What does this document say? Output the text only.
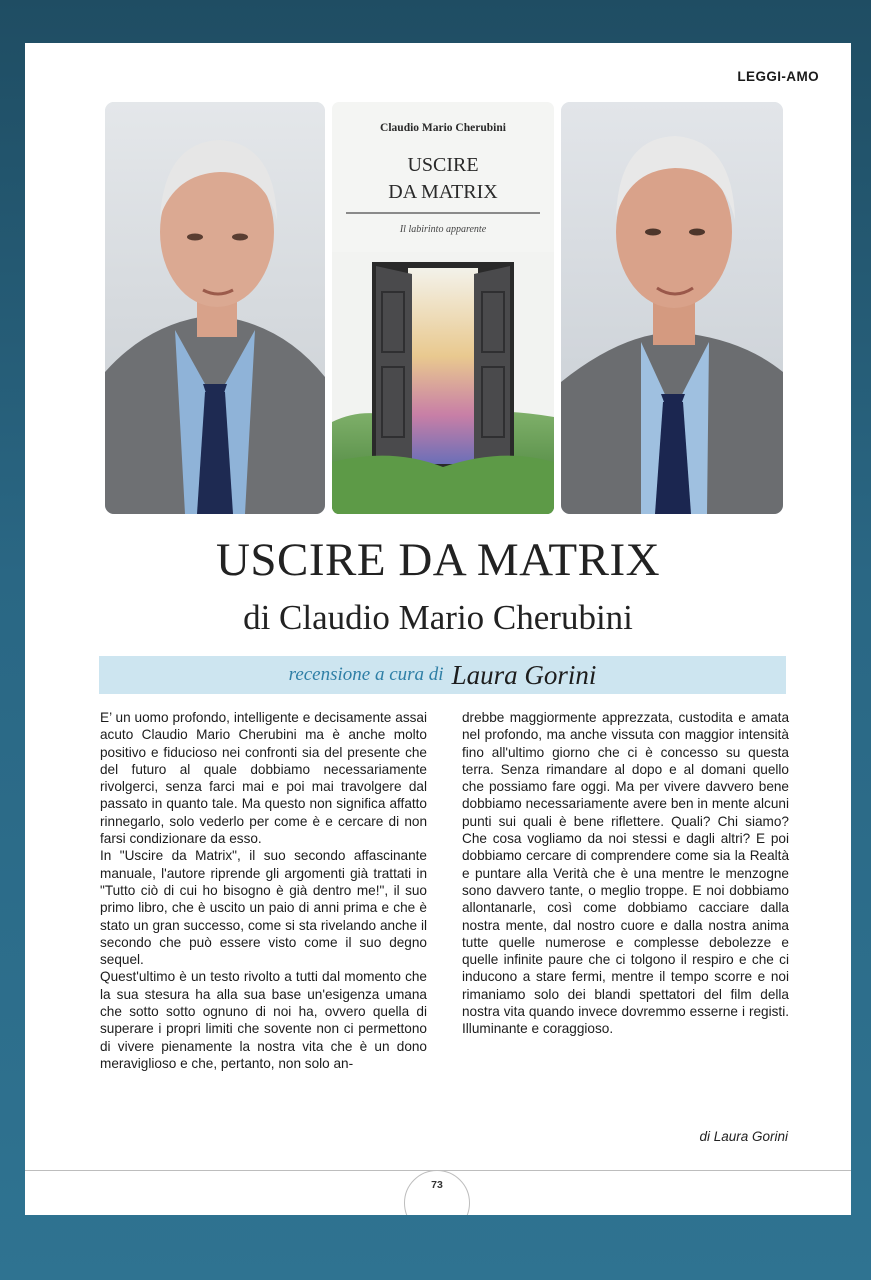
LEGGI-AMO
Claudio Mario Cherubini
USCIRE
DA MATRIX
Il labirinto apparente
USCIRE DA MATRIX
di Claudio Mario Cherubini
recensione a cura di Laura Gorini

E’ un uomo profondo, intelligente e decisamente assai acuto Claudio Mario Cherubini ma è anche molto positivo e fiducioso nei confronti sia del presente che del futuro al quale dobbiamo necessariamente rivolgerci, senza farci mai e poi mai travolgere dal passato in quanto tale. Ma questo non significa affatto rinnegarlo, solo vederlo per come è e cercare di non farsi condizionare da esso.

In "Uscire da Matrix", il suo secondo affascinante manuale, l'autore riprende gli argomenti già trattati in "Tutto ciò di cui ho bisogno è già dentro me!", il suo primo libro, che è uscito un paio di anni prima e che è stato un gran successo, come si sta rivelando anche il secondo che può essere visto come il suo degno sequel.

Quest'ultimo è un testo rivolto a tutti dal momento che la sua stesura ha alla sua base un'esigenza umana che sotto sotto ognuno di noi ha, ovvero quella di superare i propri limiti che sovente non ci permettono di vivere pienamente la nostra vita che è un dono meraviglioso e che, pertanto, non solo an-

drebbe maggiormente apprezzata, custodita e amata nel profondo, ma anche vissuta con maggior intensità fino all'ultimo giorno che ci è concesso su questa terra. Senza rimandare al dopo e al domani quello che possiamo fare oggi. Ma per vivere davvero bene dobbiamo necessariamente avere ben in mente alcuni punti sui quali è bene riflettere. Quali? Chi siamo? Che cosa vogliamo da noi stessi e dagli altri? E poi dobbiamo cercare di comprendere come sia la Realtà e puntare alla Verità che è una mentre le menzogne sono davvero tante, o meglio troppe. E noi dobbiamo allontanarle, così come dobbiamo cacciare dalla nostra mente, dal nostro cuore e dalla nostra anima tutte quelle numerose e complesse debolezze e quelle infinite paure che ci tolgono il respiro e che ci inducono a stare fermi, mentre il tempo scorre e noi rimaniamo solo dei blandi spettatori del film della nostra vita quando invece dovremmo esserne i registi. Illuminante e coraggioso.

di Laura Gorini
73
